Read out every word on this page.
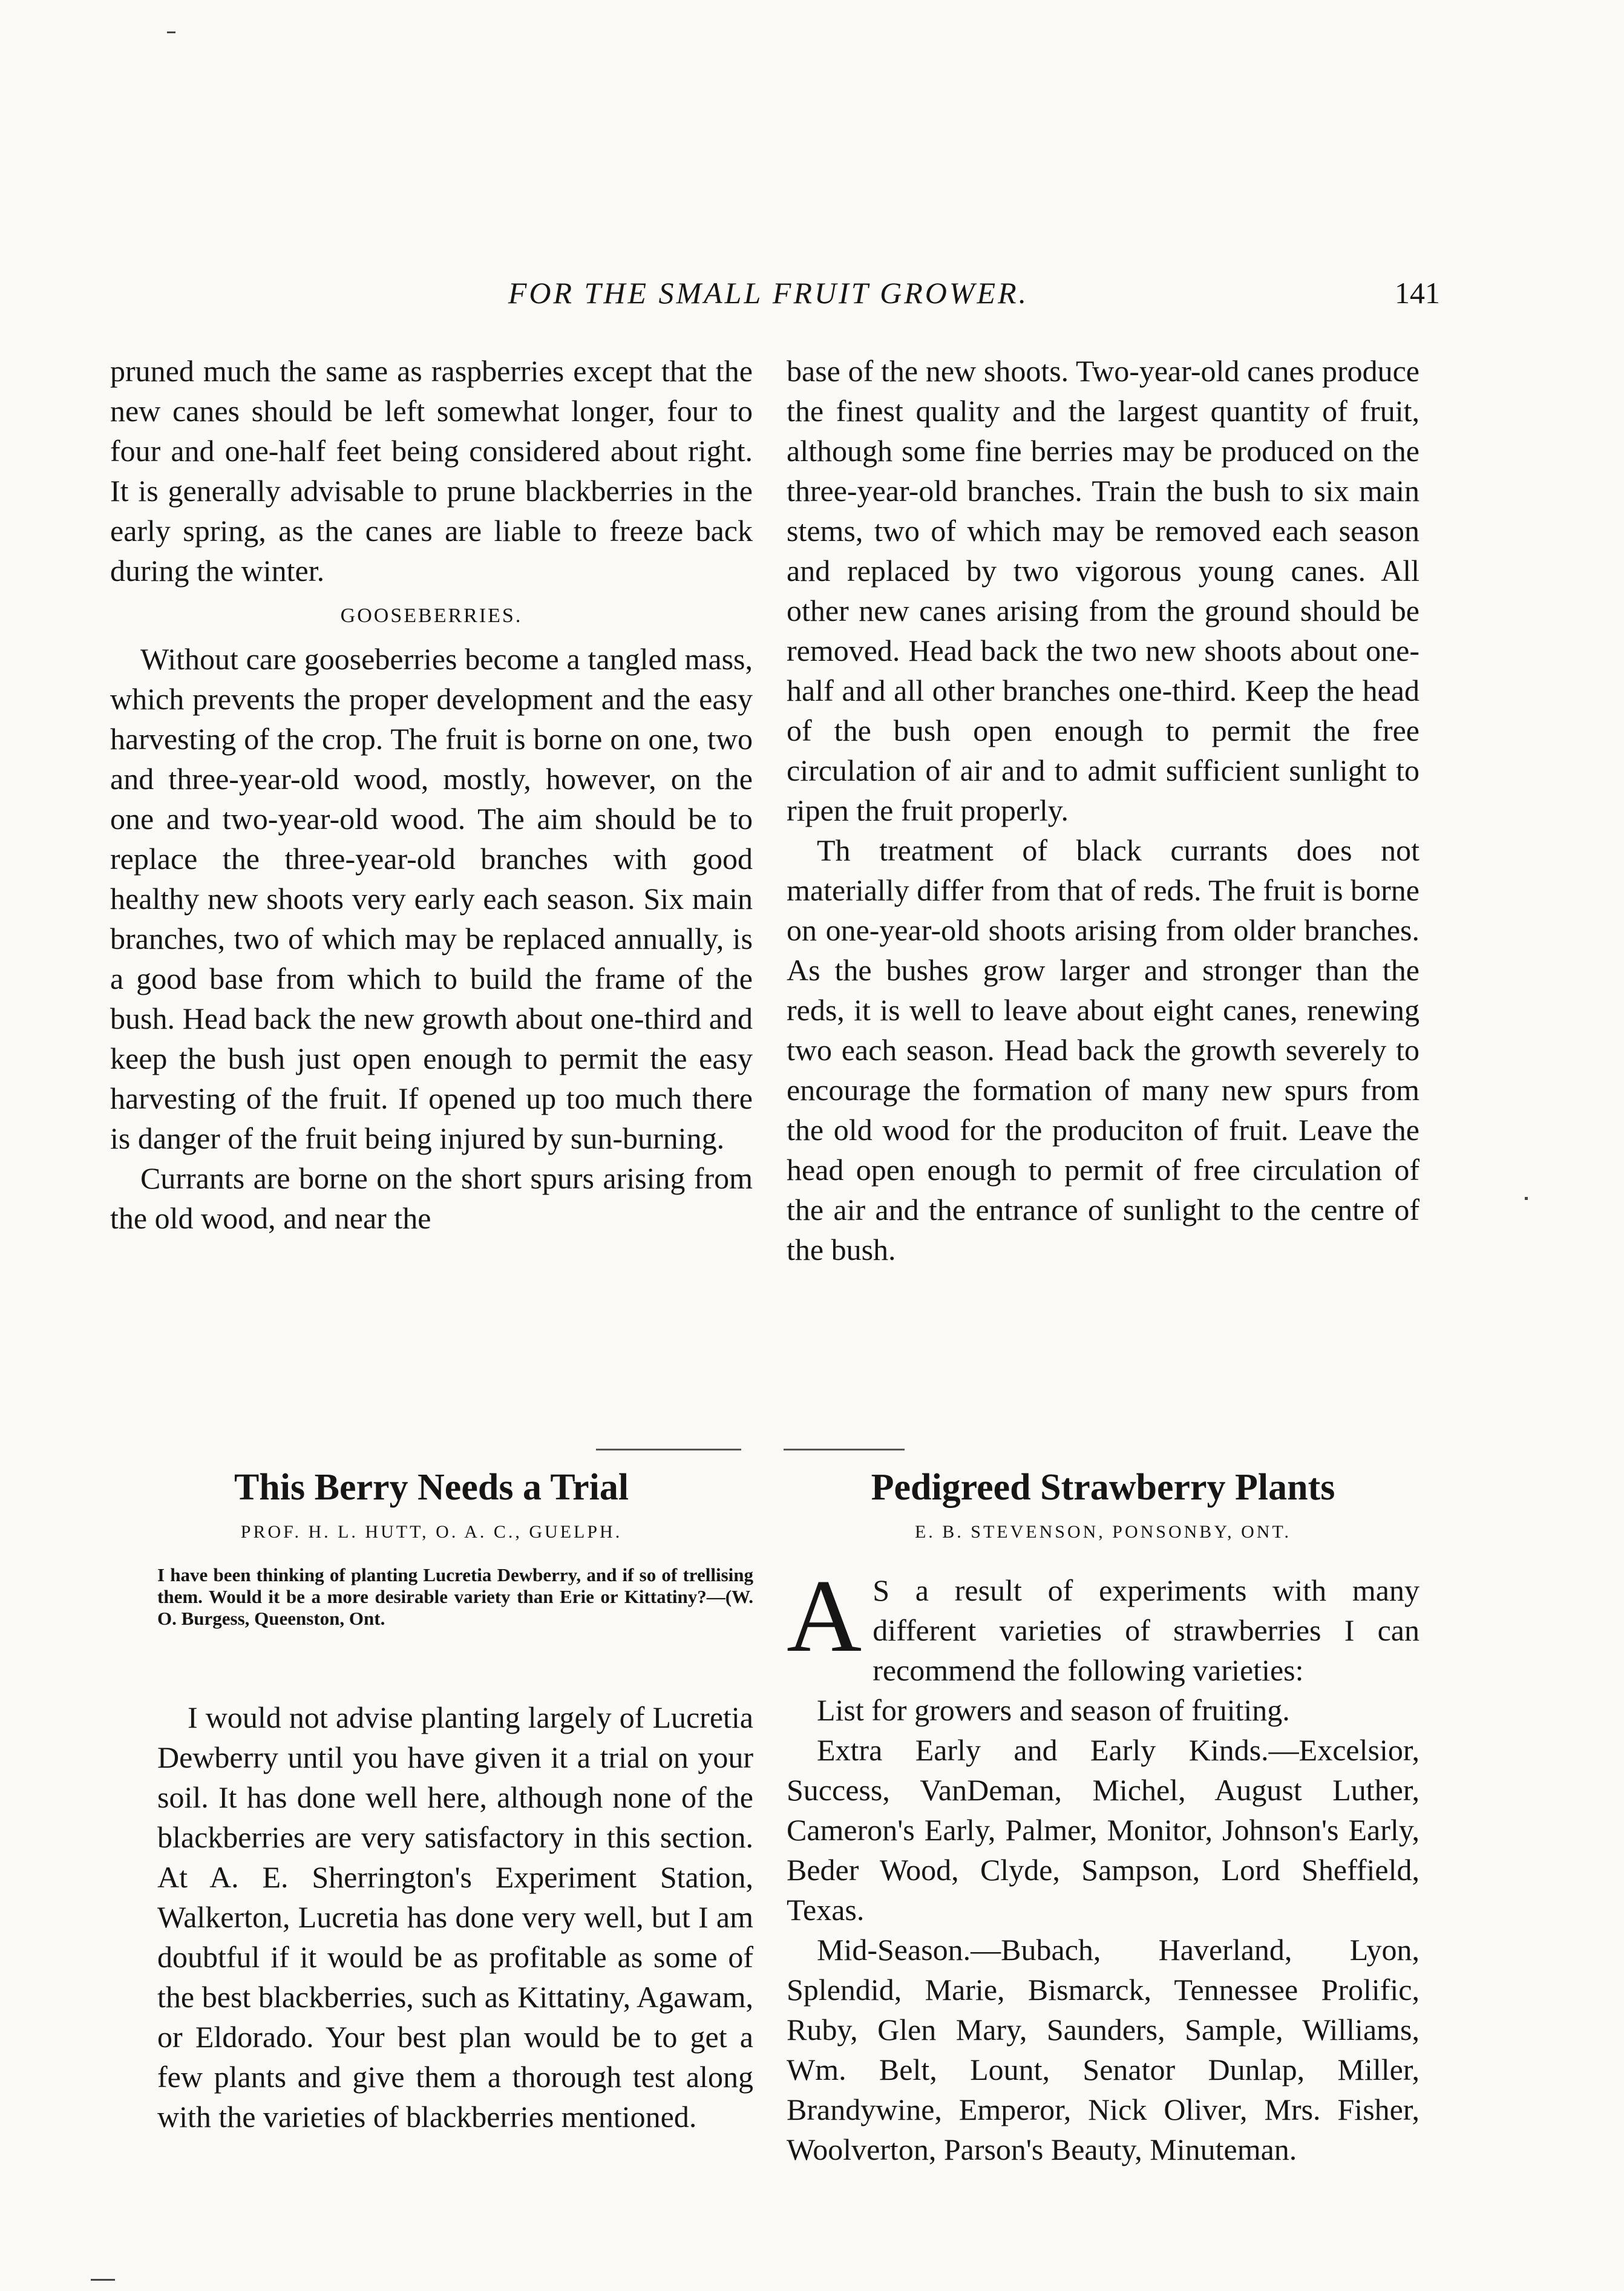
FOR THE SMALL FRUIT GROWER.	141

pruned much the same as raspberries except that the new canes should be left somewhat longer, four to four and one-half feet being considered about right. It is generally advisable to prune blackberries in the early spring, as the canes are liable to freeze back during the winter.

GOOSEBERRIES.

Without care gooseberries become a tangled mass, which prevents the proper development and the easy harvesting of the crop. The fruit is borne on one, two and three-year-old wood, mostly, however, on the one and two-year-old wood. The aim should be to replace the three-year-old branches with good healthy new shoots very early each season. Six main branches, two of which may be replaced annually, is a good base from which to build the frame of the bush. Head back the new growth about one-third and keep the bush just open enough to permit the easy harvesting of the fruit. If opened up too much there is danger of the fruit being injured by sun-burning.

Currants are borne on the short spurs arising from the old wood, and near the

base of the new shoots. Two-year-old canes produce the finest quality and the largest quantity of fruit, although some fine berries may be produced on the three-year-old branches. Train the bush to six main stems, two of which may be removed each season and replaced by two vigorous young canes. All other new canes arising from the ground should be removed. Head back the two new shoots about one-half and all other branches one-third. Keep the head of the bush open enough to permit the free circulation of air and to admit sufficient sunlight to ripen the fruit properly.

Th treatment of black currants does not materially differ from that of reds. The fruit is borne on one-year-old shoots arising from older branches. As the bushes grow larger and stronger than the reds, it is well to leave about eight canes, renewing two each season. Head back the growth severely to encourage the formation of many new spurs from the old wood for the produciton of fruit. Leave the head open enough to permit of free circulation of the air and the entrance of sunlight to the centre of the bush.

This Berry Needs a Trial
PROF. H. L. HUTT, O. A. C., GUELPH.
I have been thinking of planting Lucretia Dewberry, and if so of trellising them. Would it be a more desirable variety than Erie or Kittatiny?—(W. O. Burgess, Queenston, Ont.

I would not advise planting largely of Lucretia Dewberry until you have given it a trial on your soil. It has done well here, although none of the blackberries are very satisfactory in this section. At A. E. Sherrington's Experiment Station, Walkerton, Lucretia has done very well, but I am doubtful if it would be as profitable as some of the best blackberries, such as Kittatiny, Agawam, or Eldorado. Your best plan would be to get a few plants and give them a thorough test along with the varieties of blackberries mentioned.

Pedigreed Strawberry Plants
E. B. STEVENSON, PONSONBY, ONT.

A S a result of experiments with many different varieties of strawberries I can recommend the following varieties:

List for growers and season of fruiting.

Extra Early and Early Kinds.—Excelsior, Success, VanDeman, Michel, August Luther, Cameron's Early, Palmer, Monitor, Johnson's Early, Beder Wood, Clyde, Sampson, Lord Sheffield, Texas.

Mid-Season.—Bubach, Haverland, Lyon, Splendid, Marie, Bismarck, Tennessee Prolific, Ruby, Glen Mary, Saunders, Sample, Williams, Wm. Belt, Lount, Senator Dunlap, Miller, Brandywine, Emperor, Nick Oliver, Mrs. Fisher, Woolverton, Parson's Beauty, Minuteman.
